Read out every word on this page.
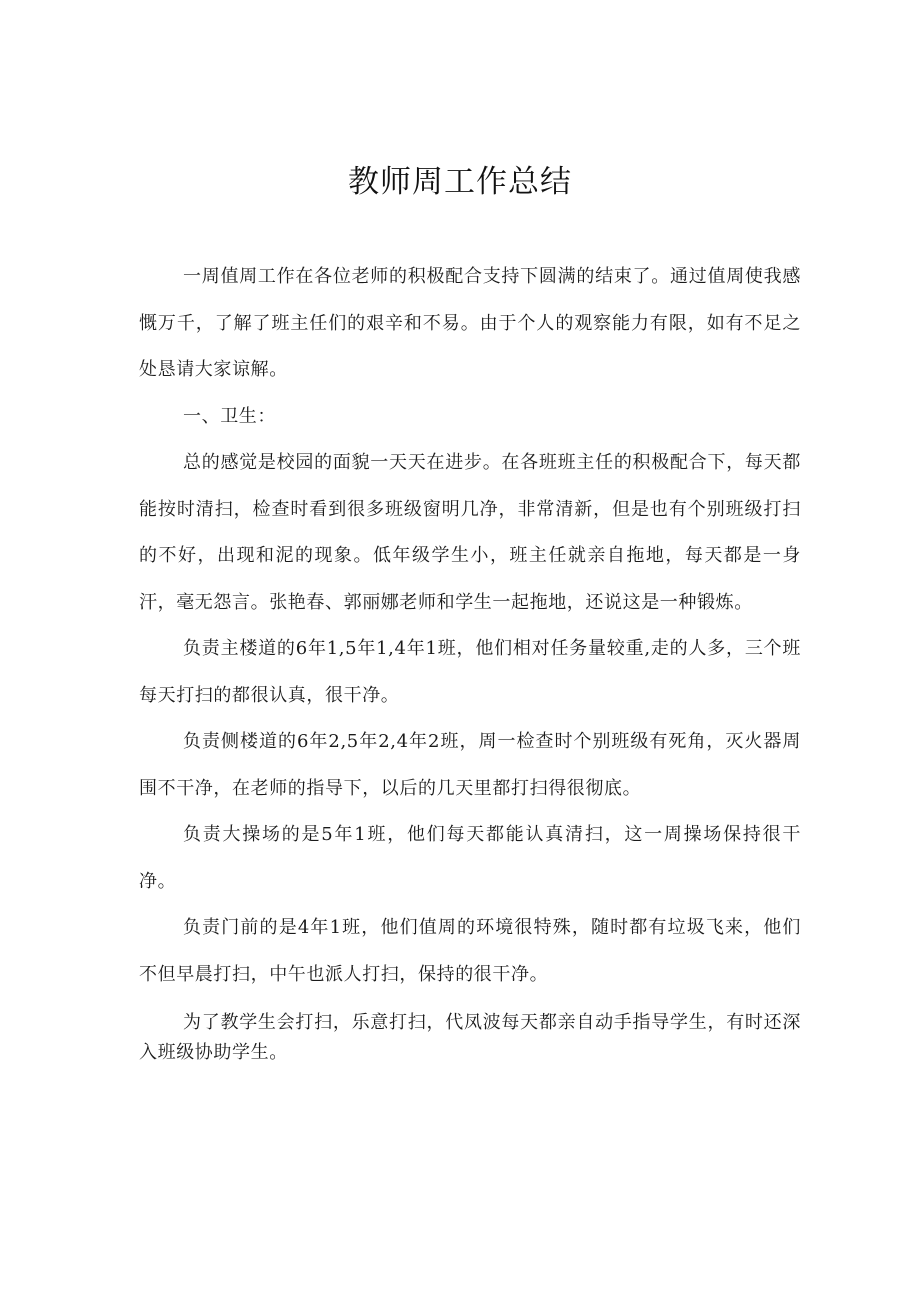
教师周工作总结

一周值周工作在各位老师的积极配合支持下圆满的结束了。通过值周使我感慨万千，了解了班主任们的艰辛和不易。由于个人的观察能力有限，如有不足之处恳请大家谅解。

一、卫生：

总的感觉是校园的面貌一天天在进步。在各班班主任的积极配合下，每天都能按时清扫，检查时看到很多班级窗明几净，非常清新，但是也有个别班级打扫的不好，出现和泥的现象。低年级学生小，班主任就亲自拖地，每天都是一身汗，毫无怨言。张艳春、郭丽娜老师和学生一起拖地，还说这是一种锻炼。

负责主楼道的6年1,5年1,4年1班，他们相对任务量较重,走的人多，三个班每天打扫的都很认真，很干净。

负责侧楼道的6年2,5年2,4年2班，周一检查时个别班级有死角，灭火器周围不干净，在老师的指导下，以后的几天里都打扫得很彻底。

负责大操场的是5年1班，他们每天都能认真清扫，这一周操场保持很干净。

负责门前的是4年1班，他们值周的环境很特殊，随时都有垃圾飞来，他们不但早晨打扫，中午也派人打扫，保持的很干净。

为了教学生会打扫，乐意打扫，代凤波每天都亲自动手指导学生，有时还深入班级协助学生。
